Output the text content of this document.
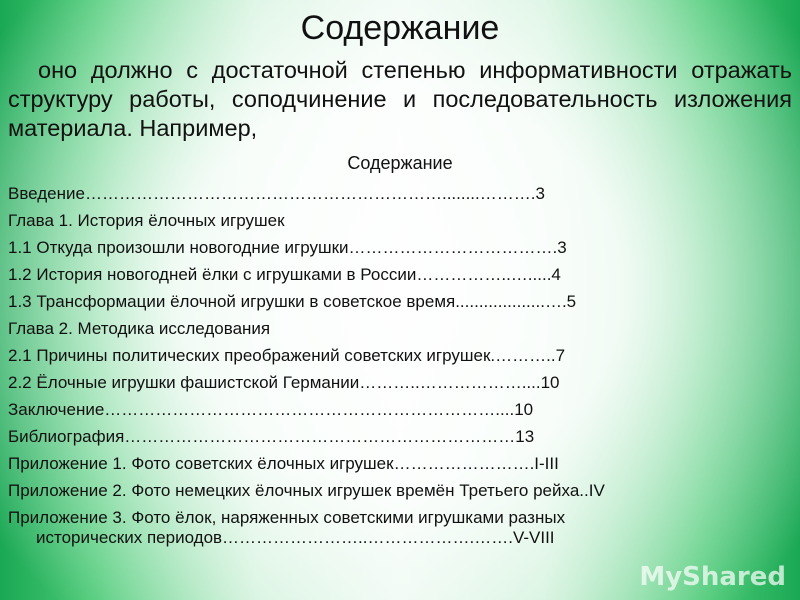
Содержание
оно должно с достаточной степенью информативности отражать структуру работы, соподчинение и последовательность изложения материала. Например,
Содержание
Введение………………………………………………………........……….3
Глава 1. История ёлочных игрушек
1.1 Откуда произошли новогодние игрушки……………………………….3
1.2 История новогодней ёлки с игрушками в России……………..….....4
1.3 Трансформации ёлочной игрушки в советское время...................….5
Глава 2. Методика исследования
2.1 Причины политических преображений советских игрушек.………..7
2.2 Ёлочные игрушки фашистской Германии………..………………....10
Заключение……………………………………………………………....10
Библиография……………………………………………………………13
Приложение 1. Фото советских ёлочных игрушек…………………….I-III
Приложение 2. Фото немецких ёлочных игрушек времён Третьего рейха..IV
Приложение 3. Фото ёлок, наряженных советскими игрушками разных
исторических периодов……………………..……………….…….V-VIII
MyShared
